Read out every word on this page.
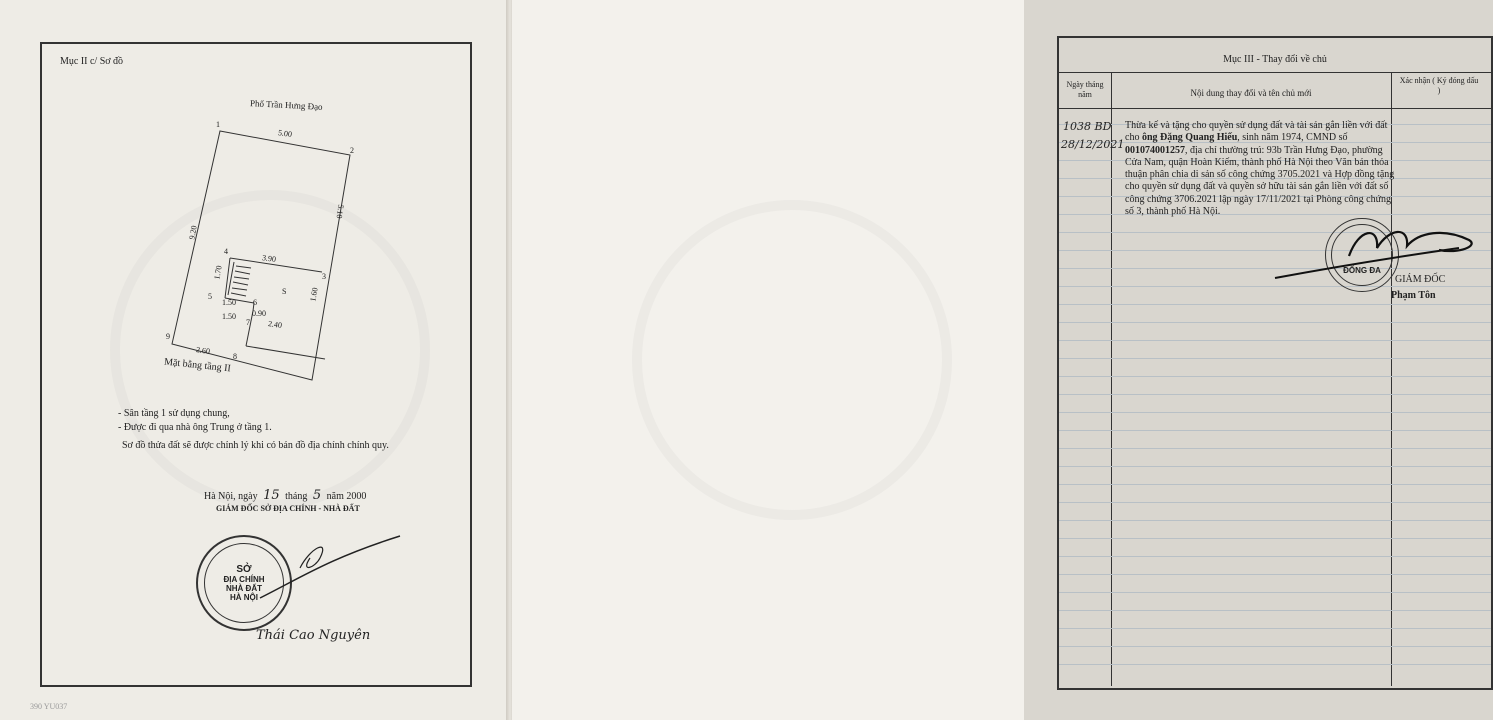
Mục II c/ Sơ đồ
Phố Trần Hưng Đạo
1
2
3
4
5
6
7
8
9
5.00
5.10
9.20
3.90
1.70
1.50
1.50 0.90
1.60
2.40
2.60
S
Mặt bằng tầng II
- Sân tầng 1 sử dụng chung,
- Được đi qua nhà ông Trung ở tầng 1.
Sơ đồ thửa đất sẽ được chỉnh lý khi có bản đồ địa chính chính quy.
Hà Nội, ngày 15 tháng 5 năm 2000
GIÁM ĐỐC SỞ ĐỊA CHÍNH - NHÀ ĐẤT
SỞ
ĐỊA CHÍNH
NHÀ ĐẤT
HÀ NỘI
Thái Cao Nguyên
390 YU037
Mục III - Thay đổi về chủ
Ngày tháng năm	Nội dung thay đổi và tên chủ mới
Xác nhận ( Ký đóng dấu )
1038 BD
28/12/2021
Thừa kế và tặng cho quyền sử dụng đất và tài sản gắn liền với đất cho ông Đặng Quang Hiếu, sinh năm 1974, CMND số 001074001257, địa chỉ thường trú: 93b Trần Hưng Đạo, phường Cửa Nam, quận Hoàn Kiếm, thành phố Hà Nội theo Văn bản thỏa thuận phân chia di sản số công chứng 3705.2021 và Hợp đồng tặng cho quyền sử dụng đất và quyền sở hữu tài sản gắn liền với đất số công chứng 3706.2021 lập ngày 17/11/2021 tại Phòng công chứng số 3, thành phố Hà Nội.
ĐỐNG ĐA
GIÁM ĐỐC
Phạm Tôn
